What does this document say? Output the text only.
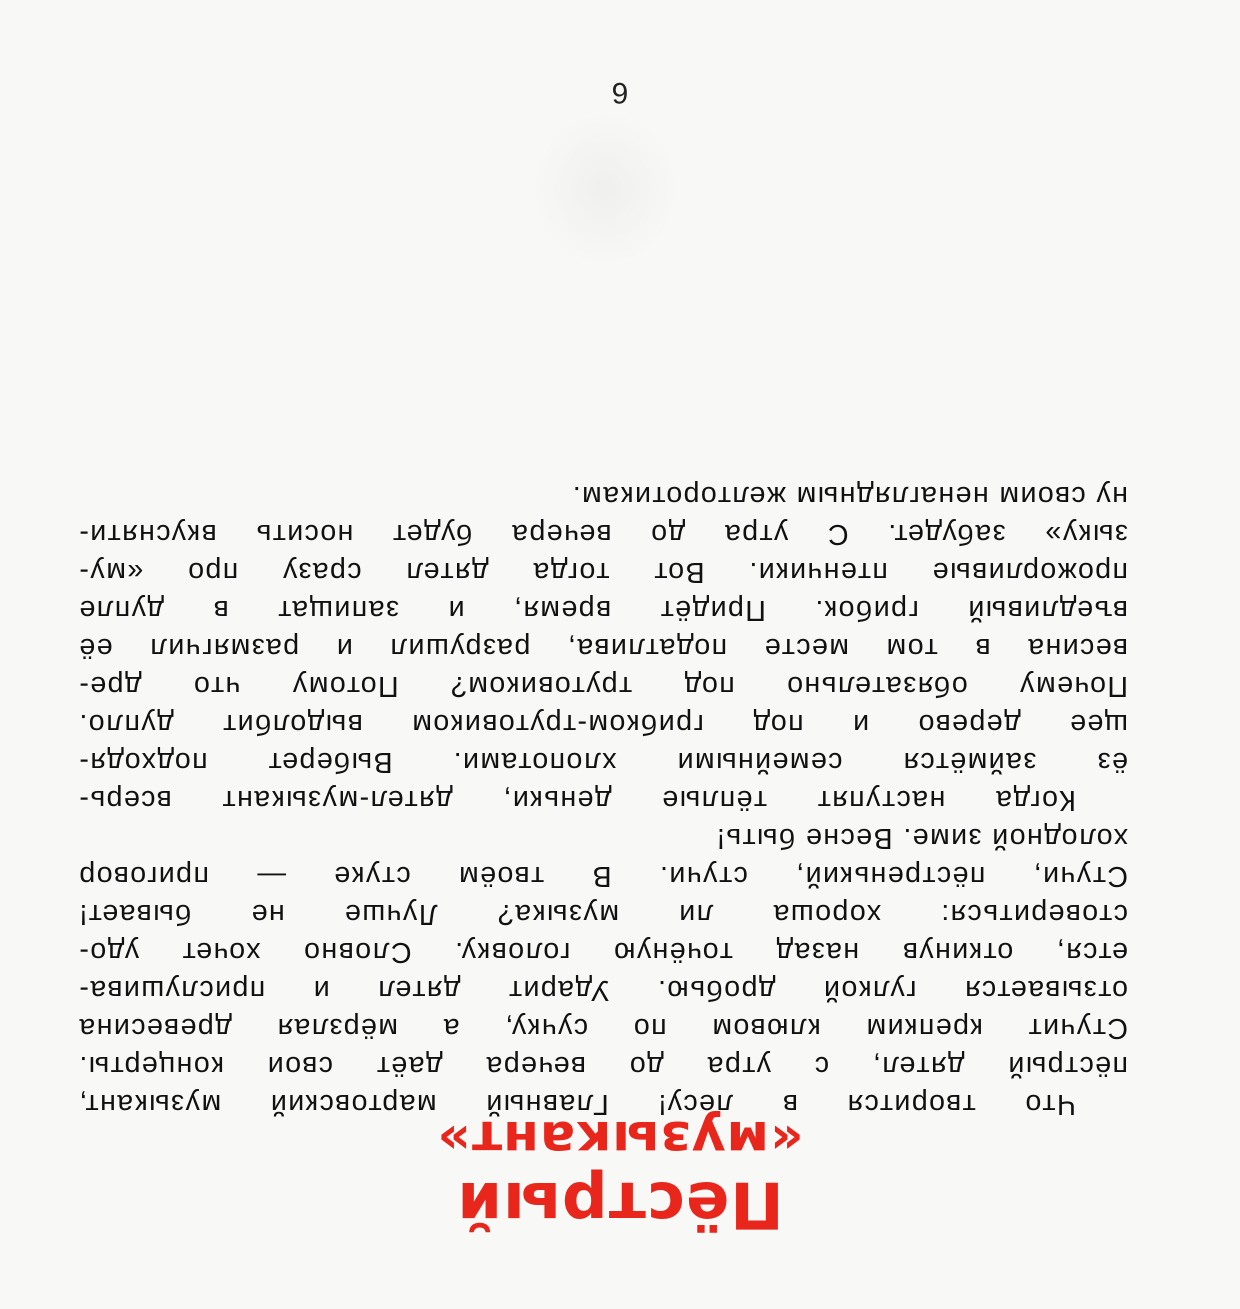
Пёстрый
«музыкант»
Что творится в лесу! Главный мартовский музыкант,
пёстрый дятел, с утра до вечера даёт свои концерты.
Стучит крепким клювом по сучку, а мёрзлая древесина
отзывается гулкой дробью. Ударит дятел и прислушива-
ется, откинув назад точёную головку. Словно хочет удо-
стовериться: хороша ли музыка? Лучше не бывает!
Стучи, пёстренький, стучи. В твоём стуке — приговор
холодной зиме. Весне быть!
Когда наступят тёплые деньки, дятел-музыкант всерь-
ёз займётся семейными хлопотами. Выберет подходя-
щее дерево и под грибком-трутовиком выдолбит дупло.
Почему обязательно под трутовиком? Потому что дре-
весина в том месте податлива, разрушил и размягчил её
въедливый грибок. Придёт время, и запищат в дупле
прожорливые птенчики. Вот тогда дятел сразу про «му-
зыку» забудет. С утра до вечера будет носить вкусняти-
ну своим ненаглядным желторотикам.
6
